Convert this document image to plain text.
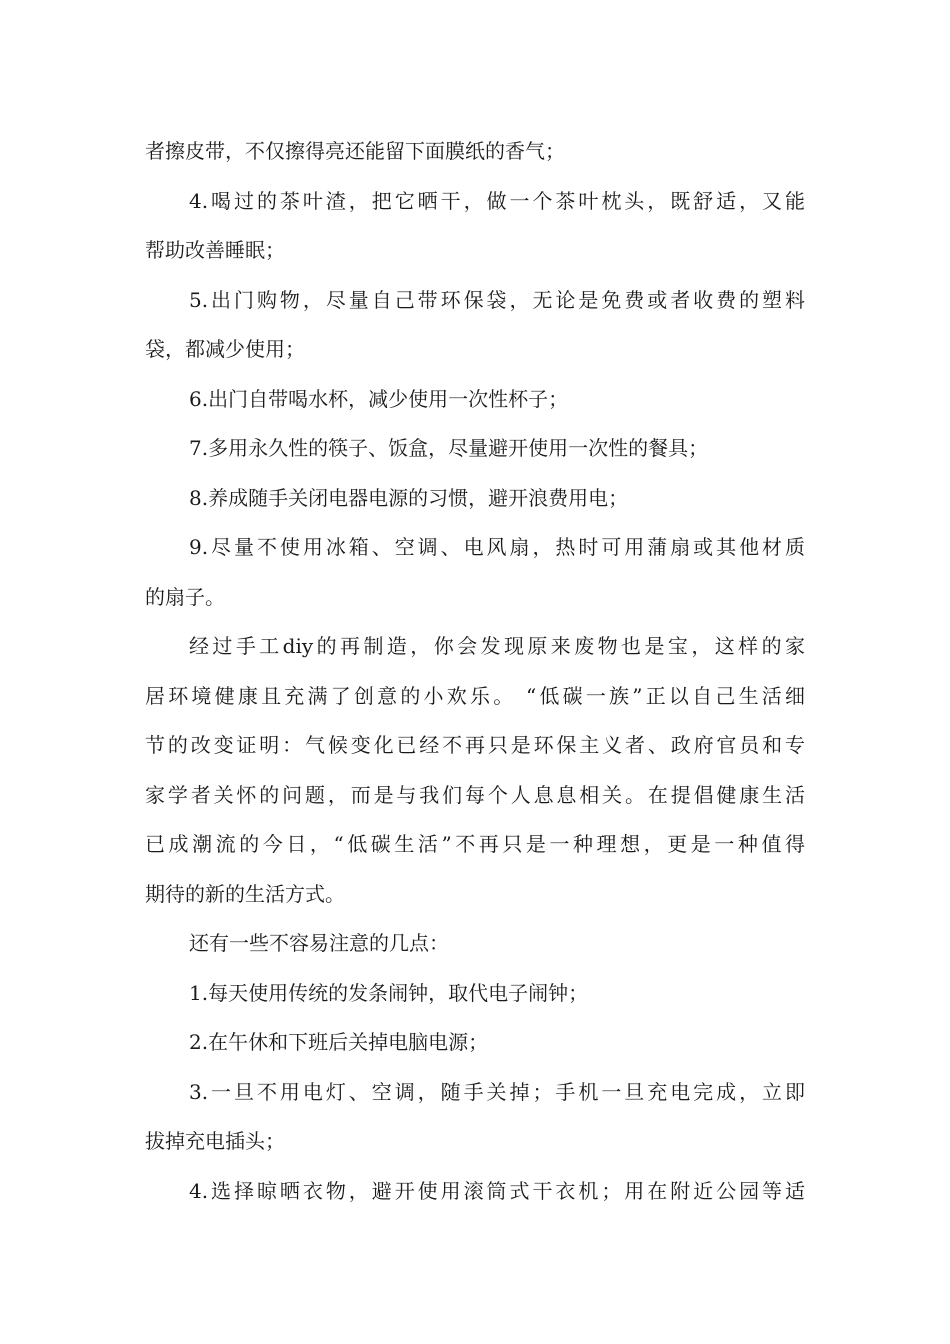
者擦皮带，不仅擦得亮还能留下面膜纸的香气；
4.喝过的茶叶渣，把它晒干，做一个茶叶枕头，既舒适，又能
帮助改善睡眠；
5.出门购物，尽量自己带环保袋，无论是免费或者收费的塑料
袋，都减少使用；
6.出门自带喝水杯，减少使用一次性杯子；
7.多用永久性的筷子、饭盒，尽量避开使用一次性的餐具；
8.养成随手关闭电器电源的习惯，避开浪费用电；
9.尽量不使用冰箱、空调、电风扇，热时可用蒲扇或其他材质
的扇子。
经过手工diy的再制造，你会发现原来废物也是宝，这样的家
居环境健康且充满了创意的小欢乐。 “低碳一族”正以自己生活细
节的改变证明：气候变化已经不再只是环保主义者、政府官员和专
家学者关怀的问题，而是与我们每个人息息相关。在提倡健康生活
已成潮流的今日，“低碳生活”不再只是一种理想，更是一种值得
期待的新的生活方式。
还有一些不容易注意的几点：
1.每天使用传统的发条闹钟，取代电子闹钟；
2.在午休和下班后关掉电脑电源；
3.一旦不用电灯、空调，随手关掉；手机一旦充电完成，立即
拔掉充电插头；
4.选择晾晒衣物，避开使用滚筒式干衣机；用在附近公园等适
